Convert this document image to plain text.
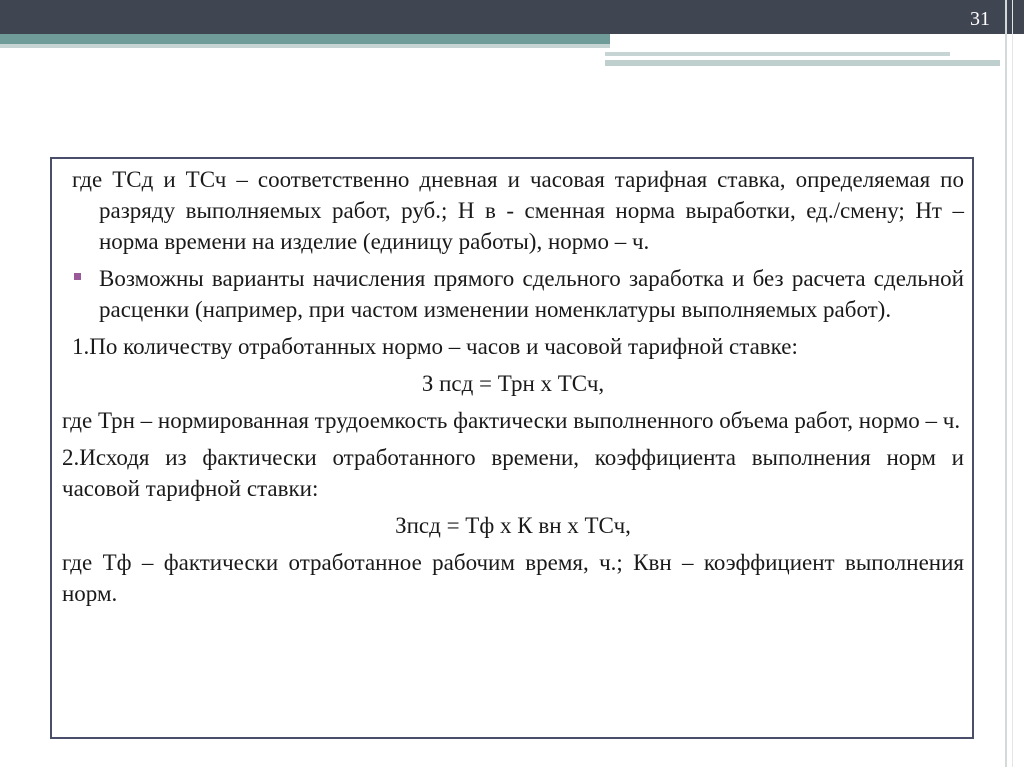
31

где ТСд и ТСч – соответственно дневная и часовая тарифная ставка, определяемая по разряду выполняемых работ, руб.; Н в - сменная норма выработки, ед./смену; Нт – норма времени на изделие (единицу работы), нормо – ч.

Возможны варианты начисления прямого сдельного заработка и без расчета сдельной расценки (например, при частом изменении номенклатуры выполняемых работ).

1.По количеству отработанных нормо – часов и часовой тарифной ставке:

З псд = Трн х ТСч,

где Трн – нормированная трудоемкость фактически выполненного объема работ, нормо – ч.

2.Исходя из фактически отработанного времени, коэффициента выполнения норм и часовой тарифной ставки:

Зпсд = Тф х К вн х ТСч,

где Тф – фактически отработанное рабочим время, ч.; Квн – коэффициент выполнения норм.
